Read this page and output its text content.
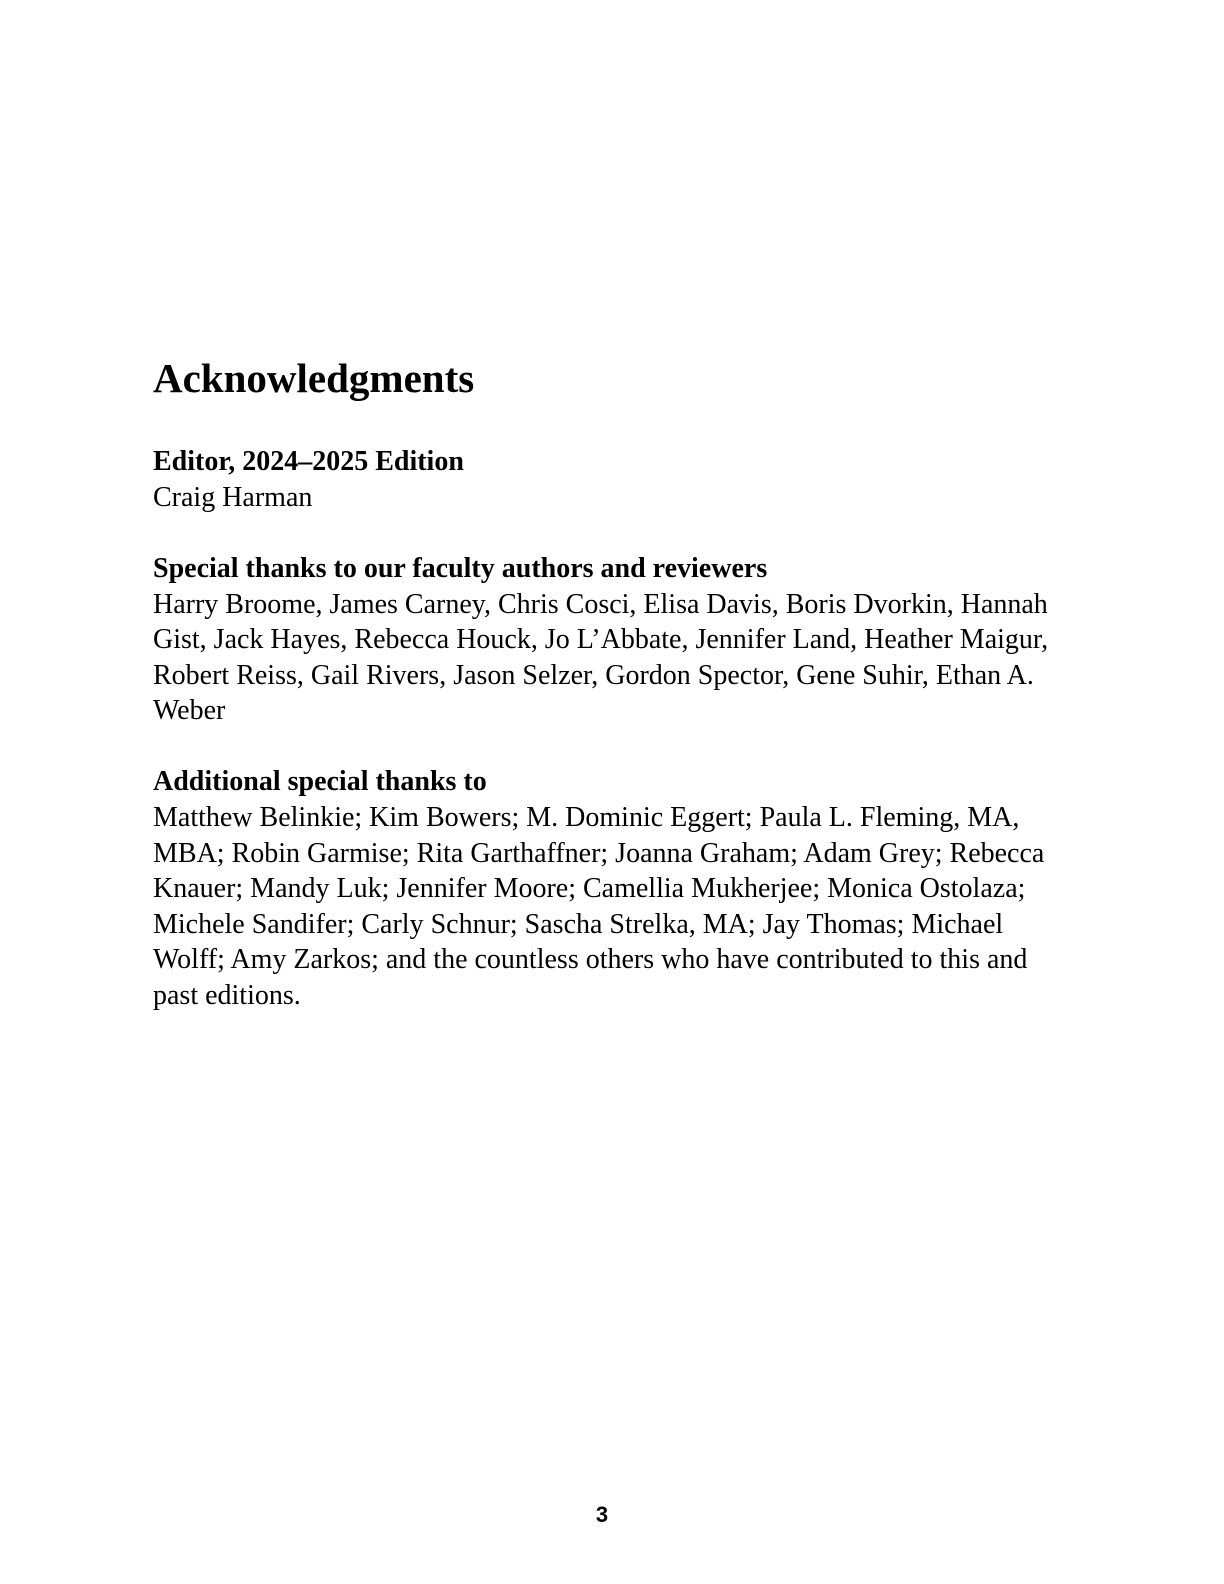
Acknowledgments
Editor, 2024–2025 Edition
Craig Harman
Special thanks to our faculty authors and reviewers
Harry Broome, James Carney, Chris Cosci, Elisa Davis, Boris Dvorkin, Hannah Gist, Jack Hayes, Rebecca Houck, Jo L’Abbate, Jennifer Land, Heather Maigur, Robert Reiss, Gail Rivers, Jason Selzer, Gordon Spector, Gene Suhir, Ethan A. Weber
Additional special thanks to
Matthew Belinkie; Kim Bowers; M. Dominic Eggert; Paula L. Fleming, MA, MBA; Robin Garmise; Rita Garthaffner; Joanna Graham; Adam Grey; Rebecca Knauer; Mandy Luk; Jennifer Moore; Camellia Mukherjee; Monica Ostolaza; Michele Sandifer; Carly Schnur; Sascha Strelka, MA; Jay Thomas; Michael Wolff; Amy Zarkos; and the countless others who have contributed to this and past editions.
3
